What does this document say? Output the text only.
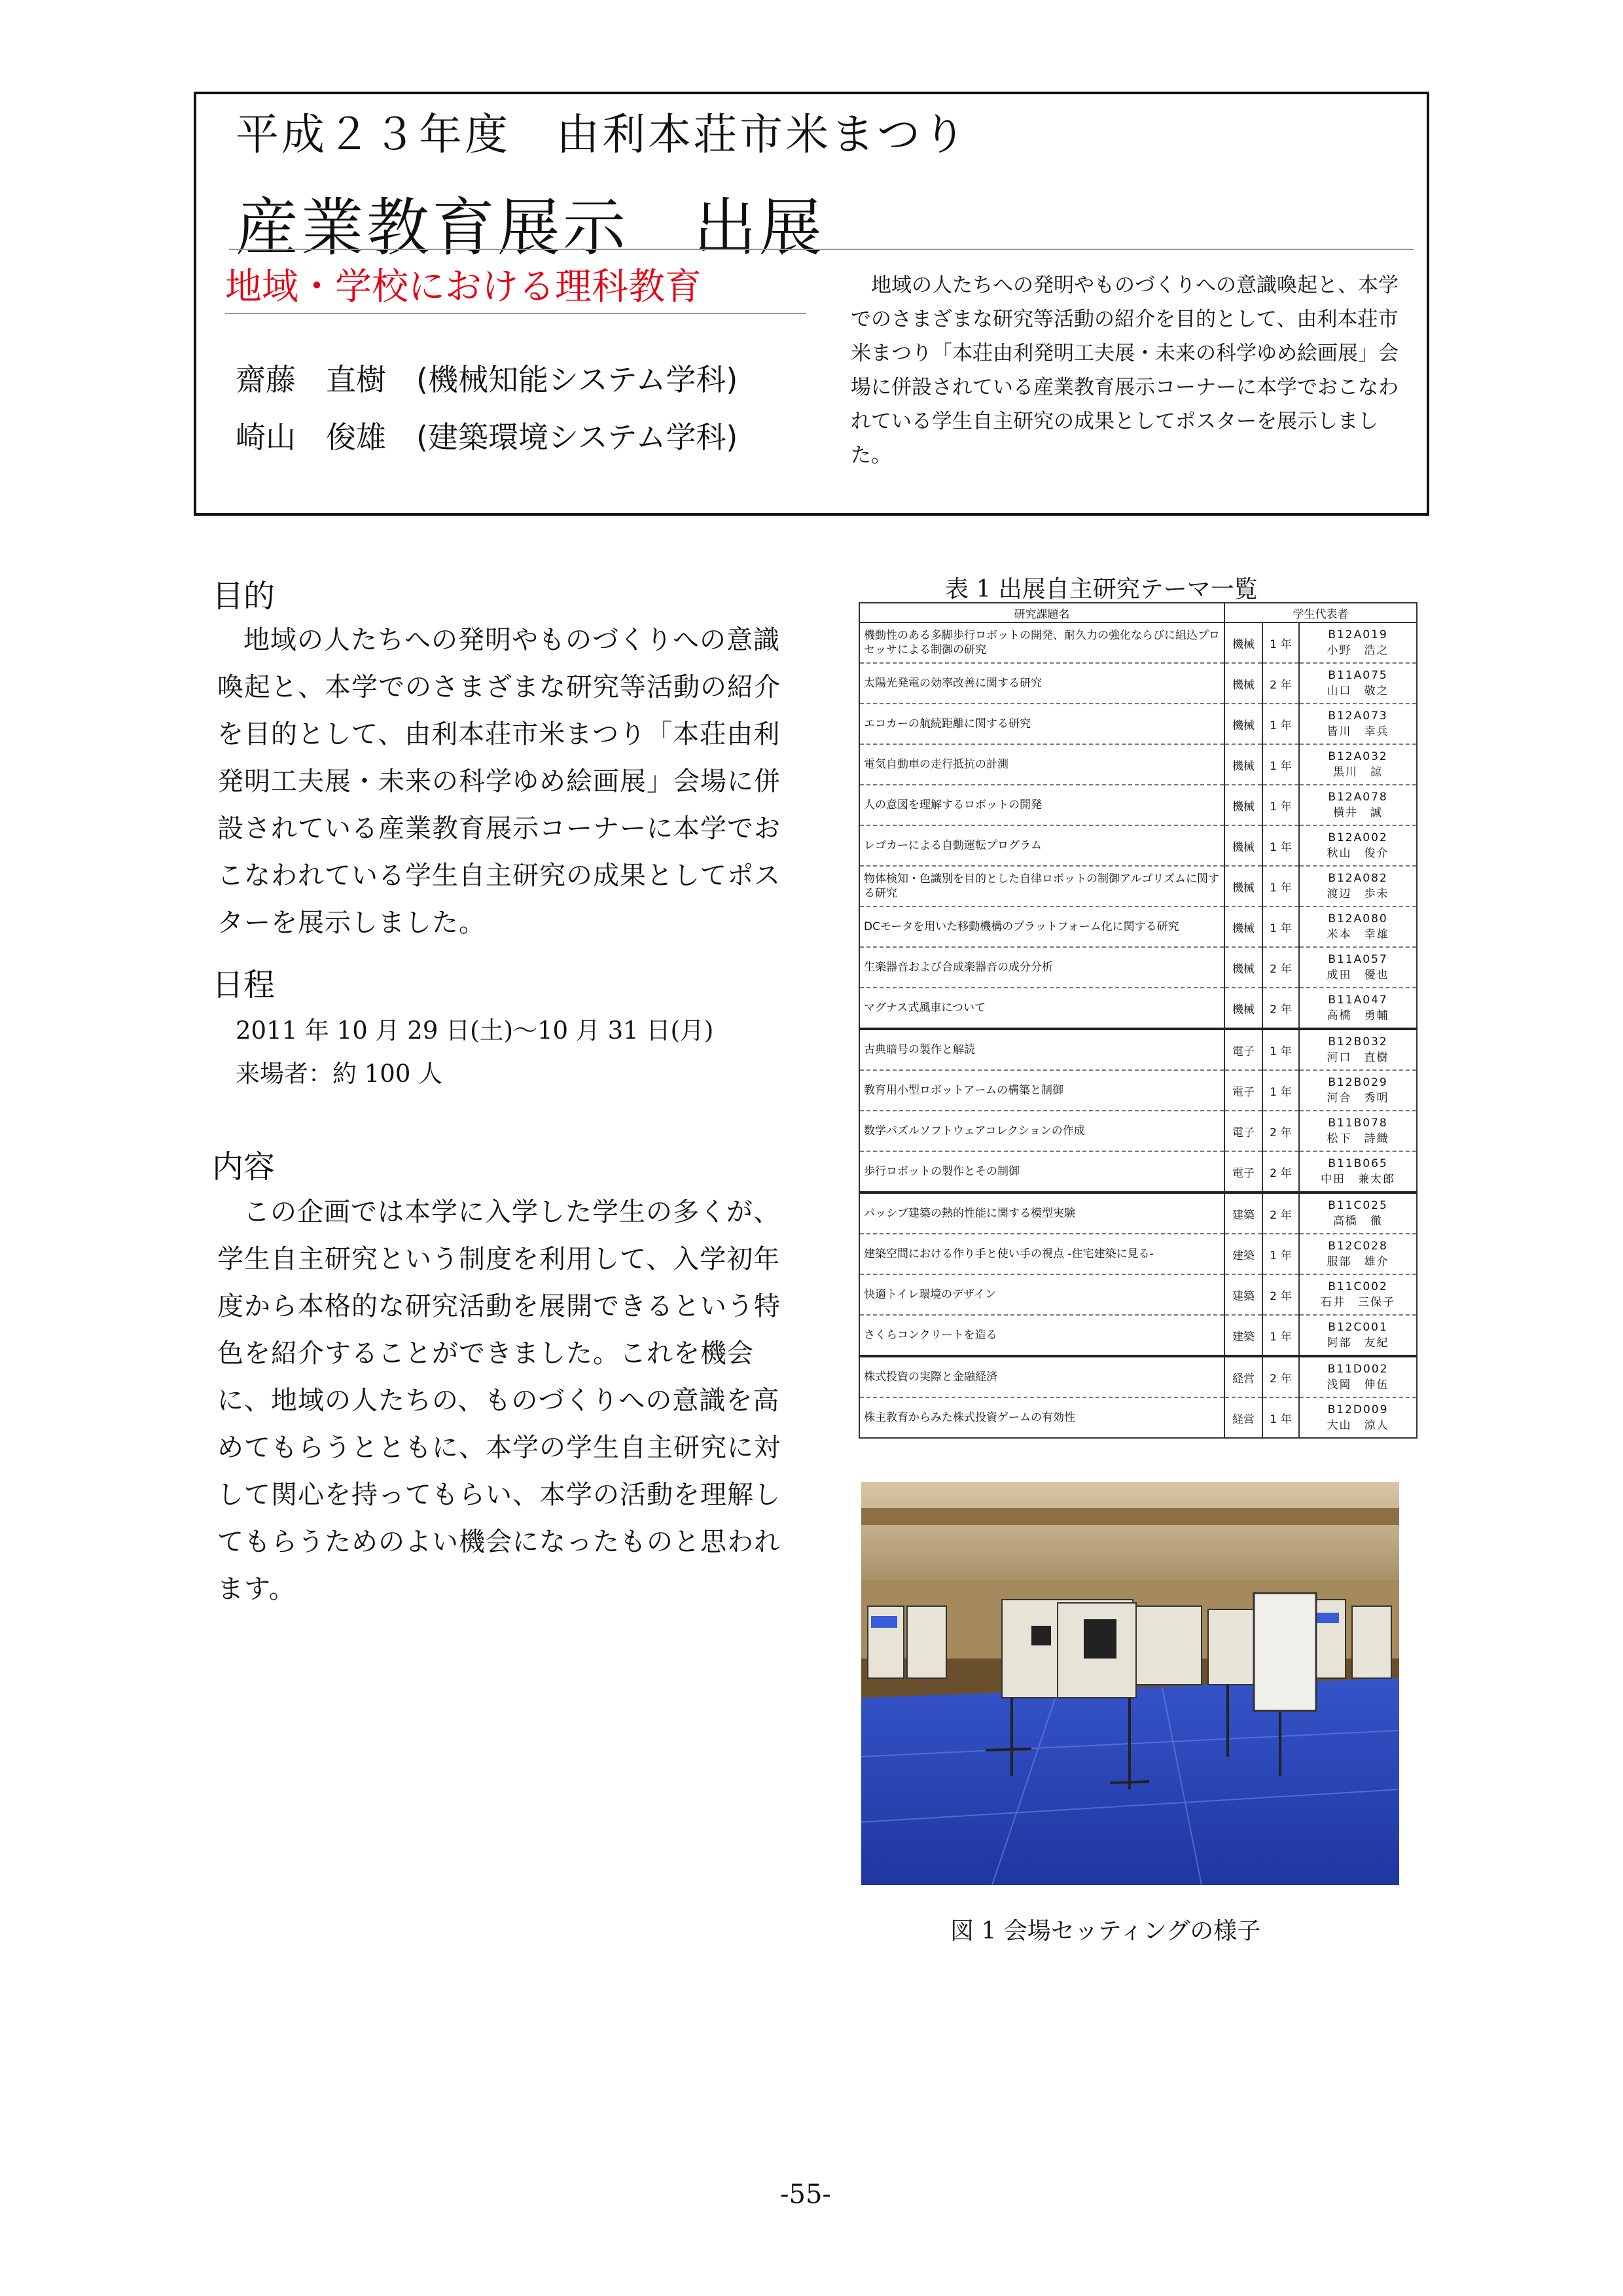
平成２３年度　由利本荘市米まつり
産業教育展示　出展
地域・学校における理科教育
齋藤　直樹　(機械知能システム学科)
崎山　俊雄　(建築環境システム学科)
地域の人たちへの発明やものづくりへの意識喚起と、本学でのさまざまな研究等活動の紹介を目的として、由利本荘市米まつり「本荘由利発明工夫展・未来の科学ゆめ絵画展」会場に併設されている産業教育展示コーナーに本学でおこなわれている学生自主研究の成果としてポスターを展示しました。
目的
地域の人たちへの発明やものづくりへの意識喚起と、本学でのさまざまな研究等活動の紹介を目的として、由利本荘市米まつり「本荘由利発明工夫展・未来の科学ゆめ絵画展」会場に併設されている産業教育展示コーナーに本学でおこなわれている学生自主研究の成果としてポスターを展示しました。
日程
2011 年 10 月 29 日(土)～10 月 31 日(月)
来場者：約 100 人
内容
この企画では本学に入学した学生の多くが、学生自主研究という制度を利用して、入学初年度から本格的な研究活動を展開できるという特色を紹介することができました。これを機会に、地域の人たちの、ものづくりへの意識を高めてもらうとともに、本学の学生自主研究に対して関心を持ってもらい、本学の活動を理解してもらうためのよい機会になったものと思われます。
表 1 出展自主研究テーマ一覧
研究課題名	学生代表者		
機動性のある多脚歩行ロボットの開発、耐久力の強化ならびに組込プロセッサによる制御の研究	機械	1 年	B12A019
小野　浩之

太陽光発電の効率改善に関する研究	機械	2 年	B11A075
山口　敬之

エコカーの航続距離に関する研究	機械	1 年	B12A073
皆川　幸兵

電気自動車の走行抵抗の計測	機械	1 年	B12A032
黒川　諒

人の意図を理解するロボットの開発	機械	1 年	B12A078
横井　誠

レゴカーによる自動運転プログラム	機械	1 年	B12A002
秋山　俊介

物体検知・色識別を目的とした自律ロボットの制御アルゴリズムに関する研究	機械	1 年	B12A082
渡辺　歩未

DCモータを用いた移動機構のプラットフォーム化に関する研究	機械	1 年	B12A080
米本　幸雄

生楽器音および合成楽器音の成分分析	機械	2 年	B11A057
成田　優也

マグナス式風車について	機械	2 年	B11A047
高橋　勇輔

古典暗号の製作と解読	電子	1 年	B12B032
河口　直樹

教育用小型ロボットアームの構築と制御	電子	1 年	B12B029
河合　秀明

数学パズルソフトウェアコレクションの作成	電子	2 年	B11B078
松下　詩織

歩行ロボットの製作とその制御	電子	2 年	B11B065
中田　兼太郎

パッシブ建築の熱的性能に関する模型実験	建築	2 年	B11C025
高橋　徹

建築空間における作り手と使い手の視点 -住宅建築に見る-	建築	1 年	B12C028
服部　雄介

快適トイレ環境のデザイン	建築	2 年	B11C002
石井　三保子

さくらコンクリートを造る	建築	1 年	B12C001
阿部　友紀

株式投資の実際と金融経済	経営	2 年	B11D002
浅岡　伸伍

株主教育からみた株式投資ゲームの有効性	経営	1 年	B12D009
大山　涼人
図 1 会場セッティングの様子
-55-
